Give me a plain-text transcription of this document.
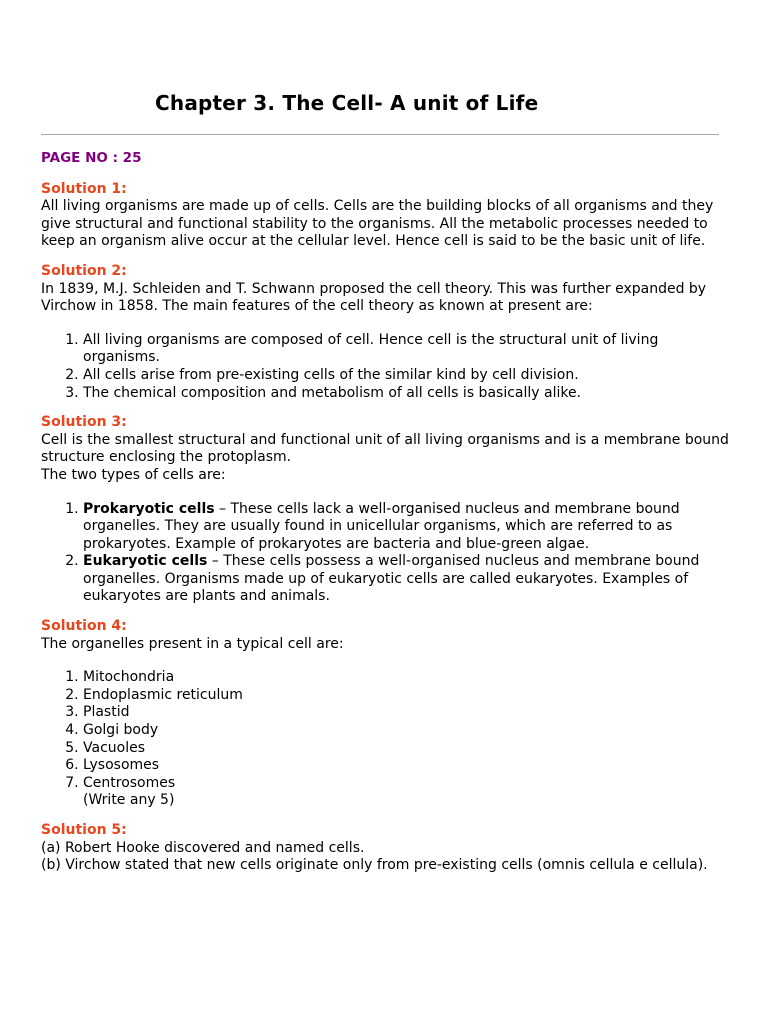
Chapter 3. The Cell- A unit of Life
PAGE NO : 25
Solution 1:

All living organisms are made up of cells. Cells are the building blocks of all organisms and they give structural and functional stability to the organisms. All the metabolic processes needed to keep an organism alive occur at the cellular level. Hence cell is said to be the basic unit of life.

Solution 2:

In 1839, M.J. Schleiden and T. Schwann proposed the cell theory. This was further expanded by Virchow in 1858. The main features of the cell theory as known at present are:

1. All living organisms are composed of cell. Hence cell is the structural unit of living organisms.
2. All cells arise from pre-existing cells of the similar kind by cell division.
3. The chemical composition and metabolism of all cells is basically alike.
Solution 3:

Cell is the smallest structural and functional unit of all living organisms and is a membrane bound structure enclosing the protoplasm.

The two types of cells are:

1. Prokaryotic cells – These cells lack a well-organised nucleus and membrane bound organelles. They are usually found in unicellular organisms, which are referred to as prokaryotes. Example of prokaryotes are bacteria and blue-green algae.
2. Eukaryotic cells – These cells possess a well-organised nucleus and membrane bound organelles. Organisms made up of eukaryotic cells are called eukaryotes. Examples of eukaryotes are plants and animals.
Solution 4:

The organelles present in a typical cell are:

1. Mitochondria
2. Endoplasmic reticulum
3. Plastid
4. Golgi body
5. Vacuoles
6. Lysosomes
7. Centrosomes
(Write any 5)
Solution 5:

(a) Robert Hooke discovered and named cells.

(b) Virchow stated that new cells originate only from pre-existing cells (omnis cellula e cellula).
